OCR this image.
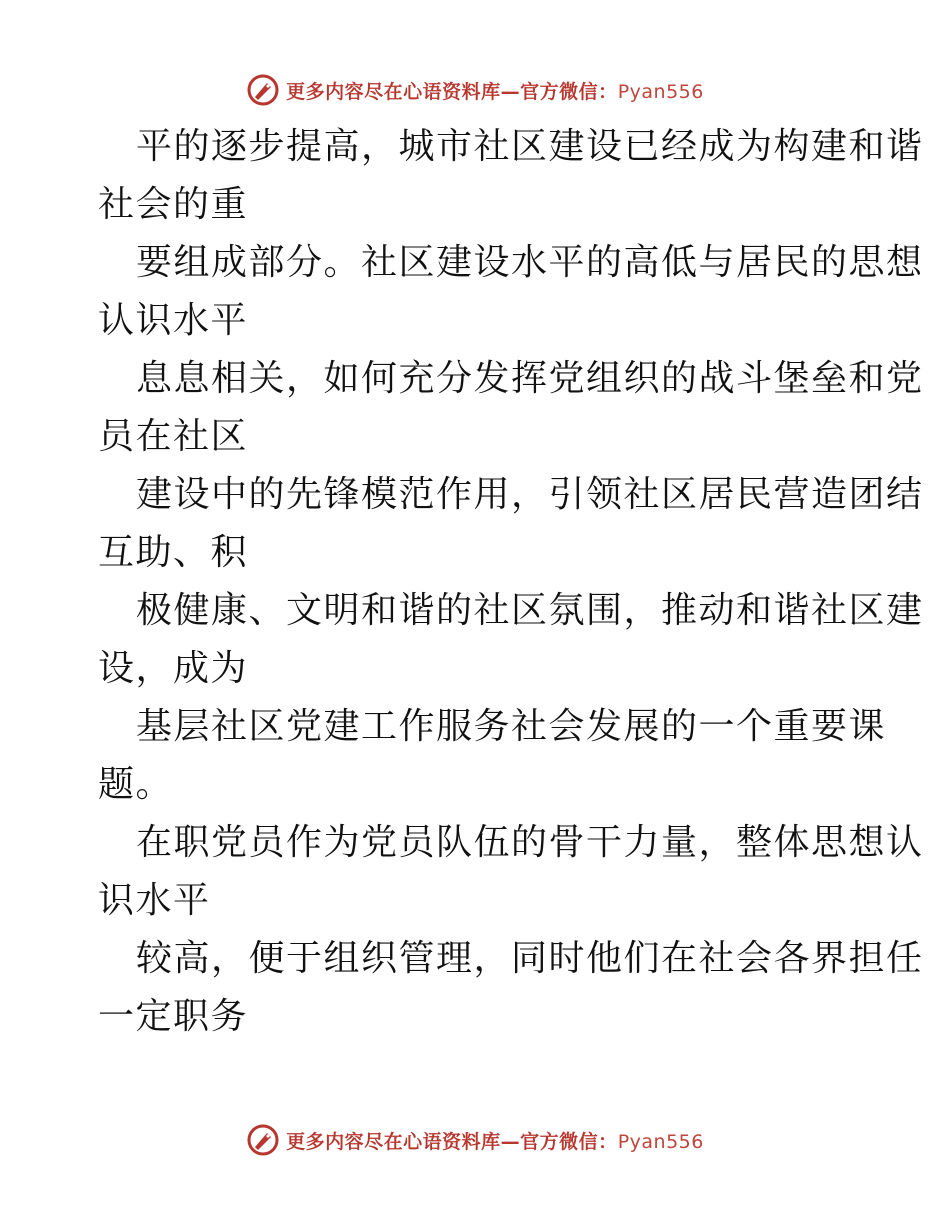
更多内容尽在心语资料库—官方微信：Pyan556

平的逐步提高，城市社区建设已经成为构建和谐
社会的重

要组成部分。社区建设水平的高低与居民的思想
认识水平

息息相关，如何充分发挥党组织的战斗堡垒和党
员在社区

建设中的先锋模范作用，引领社区居民营造团结
互助、积

极健康、文明和谐的社区氛围，推动和谐社区建
设，成为

基层社区党建工作服务社会发展的一个重要课
题。

在职党员作为党员队伍的骨干力量，整体思想认
识水平

较高，便于组织管理，同时他们在社会各界担任
一定职务

更多内容尽在心语资料库—官方微信：Pyan556
